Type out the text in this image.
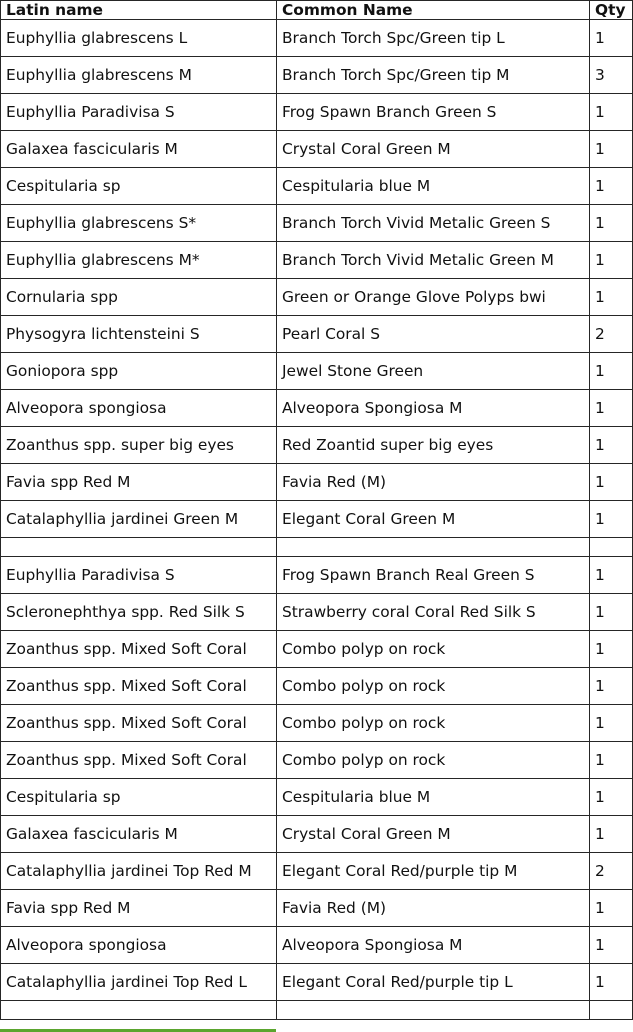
Latin name	Common Name	Qty
Euphyllia glabrescens L	Branch Torch Spc/Green tip L	1
Euphyllia glabrescens M	Branch Torch Spc/Green tip M	3
Euphyllia Paradivisa S	Frog Spawn Branch Green S	1
Galaxea fascicularis M	Crystal Coral Green M	1
Cespitularia sp	Cespitularia blue M	1
Euphyllia glabrescens S*	Branch Torch Vivid Metalic Green S	1
Euphyllia glabrescens M*	Branch Torch Vivid Metalic Green M	1
Cornularia spp	Green or Orange Glove Polyps bwi	1
Physogyra lichtensteini S	Pearl Coral S	2
Goniopora spp	Jewel Stone Green	1
Alveopora spongiosa	Alveopora Spongiosa M	1
Zoanthus spp. super big eyes	Red Zoantid super big eyes	1
Favia spp Red M	Favia Red (M)	1
Catalaphyllia jardinei Green M	Elegant Coral Green M	1

Euphyllia Paradivisa S	Frog Spawn Branch Real Green S	1
Scleronephthya spp. Red Silk S	Strawberry coral Coral Red Silk S	1
Zoanthus spp. Mixed Soft Coral	Combo polyp on rock	1
Zoanthus spp. Mixed Soft Coral	Combo polyp on rock	1
Zoanthus spp. Mixed Soft Coral	Combo polyp on rock	1
Zoanthus spp. Mixed Soft Coral	Combo polyp on rock	1
Cespitularia sp	Cespitularia blue M	1
Galaxea fascicularis M	Crystal Coral Green M	1
Catalaphyllia jardinei Top Red M	Elegant Coral Red/purple tip M	2
Favia spp Red M	Favia Red (M)	1
Alveopora spongiosa	Alveopora Spongiosa M	1
Catalaphyllia jardinei Top Red L	Elegant Coral Red/purple tip L	1
